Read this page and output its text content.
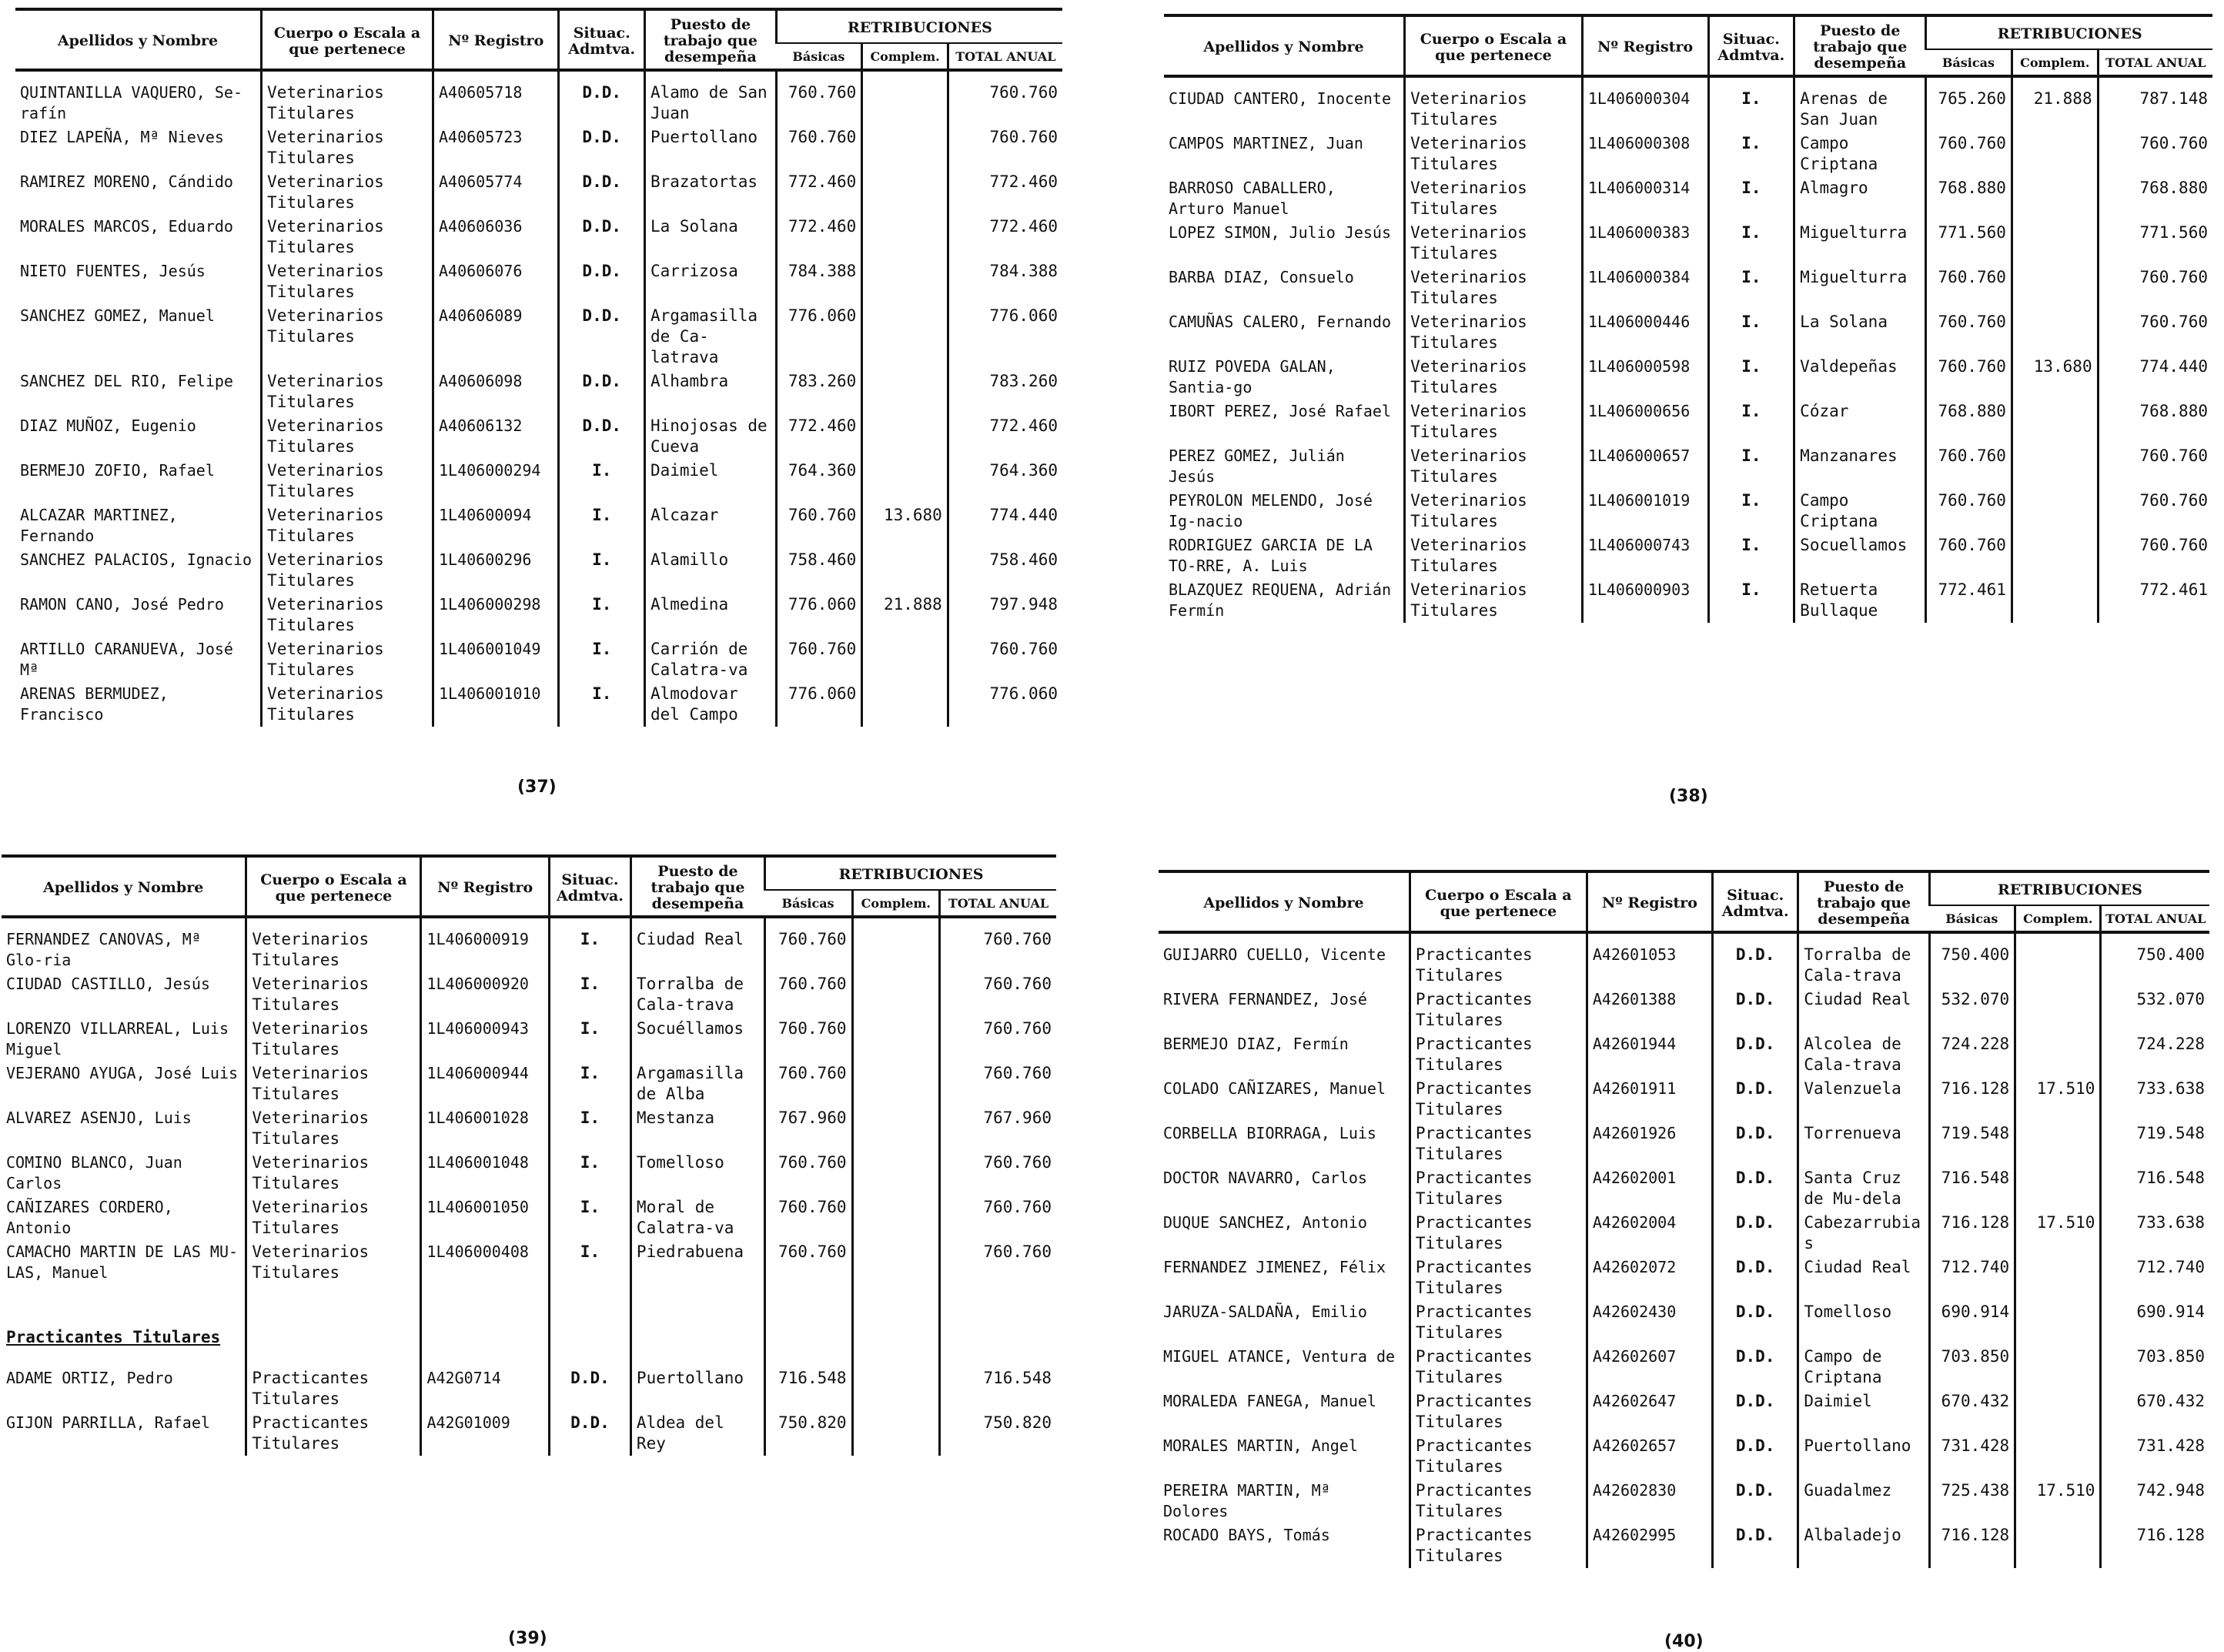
Apellidos y Nombre	Cuerpo o Escala a que pertenece	Nº Registro	Situac. Admtva.	Puesto de trabajo que desempeña	RETRIBUCIONES		
					Básicas	Complem.	TOTAL ANUAL

QUINTANILLA VAQUERO, Se-rafín	Veterinarios Titulares	A40605718	D.D.	Alamo de San Juan	760.760		760.760
DIEZ LAPEÑA, Mª Nieves	Veterinarios Titulares	A40605723	D.D.	Puertollano	760.760		760.760
RAMIREZ MORENO, Cándido	Veterinarios Titulares	A40605774	D.D.	Brazatortas	772.460		772.460
MORALES MARCOS, Eduardo	Veterinarios Titulares	A40606036	D.D.	La Solana	772.460		772.460
NIETO FUENTES, Jesús	Veterinarios Titulares	A40606076	D.D.	Carrizosa	784.388		784.388
SANCHEZ GOMEZ, Manuel	Veterinarios Titulares	A40606089	D.D.	Argamasilla de Ca-latrava	776.060		776.060
SANCHEZ DEL RIO, Felipe	Veterinarios Titulares	A40606098	D.D.	Alhambra	783.260		783.260
DIAZ MUÑOZ, Eugenio	Veterinarios Titulares	A40606132	D.D.	Hinojosas de Cueva	772.460		772.460
BERMEJO ZOFIO, Rafael	Veterinarios Titulares	1L406000294	I.	Daimiel	764.360		764.360
ALCAZAR MARTINEZ, Fernando	Veterinarios Titulares	1L40600094	I.	Alcazar	760.760	13.680	774.440
SANCHEZ PALACIOS, Ignacio	Veterinarios Titulares	1L40600296	I.	Alamillo	758.460		758.460
RAMON CANO, José Pedro	Veterinarios Titulares	1L406000298	I.	Almedina	776.060	21.888	797.948
ARTILLO CARANUEVA, José Mª	Veterinarios Titulares	1L406001049	I.	Carrión de Calatra-va	760.760		760.760
ARENAS BERMUDEZ, Francisco	Veterinarios Titulares	1L406001010	I.	Almodovar del Campo	776.060		776.060
(37)
Apellidos y Nombre	Cuerpo o Escala a que pertenece	Nº Registro	Situac. Admtva.	Puesto de trabajo que desempeña	RETRIBUCIONES		
					Básicas	Complem.	TOTAL ANUAL

CIUDAD CANTERO, Inocente	Veterinarios Titulares	1L406000304	I.	Arenas de San Juan	765.260	21.888	787.148
CAMPOS MARTINEZ, Juan	Veterinarios Titulares	1L406000308	I.	Campo Criptana	760.760		760.760
BARROSO CABALLERO, Arturo Manuel	Veterinarios Titulares	1L406000314	I.	Almagro	768.880		768.880
LOPEZ SIMON, Julio Jesús	Veterinarios Titulares	1L406000383	I.	Miguelturra	771.560		771.560
BARBA DIAZ, Consuelo	Veterinarios Titulares	1L406000384	I.	Miguelturra	760.760		760.760
CAMUÑAS CALERO, Fernando	Veterinarios Titulares	1L406000446	I.	La Solana	760.760		760.760
RUIZ POVEDA GALAN, Santia-go	Veterinarios Titulares	1L406000598	I.	Valdepeñas	760.760	13.680	774.440
IBORT PEREZ, José Rafael	Veterinarios Titulares	1L406000656	I.	Cózar	768.880		768.880
PEREZ GOMEZ, Julián Jesús	Veterinarios Titulares	1L406000657	I.	Manzanares	760.760		760.760
PEYROLON MELENDO, José Ig-nacio	Veterinarios Titulares	1L406001019	I.	Campo Criptana	760.760		760.760
RODRIGUEZ GARCIA DE LA TO-RRE, A. Luis	Veterinarios Titulares	1L406000743	I.	Socuellamos	760.760		760.760
BLAZQUEZ REQUENA, Adrián Fermín	Veterinarios Titulares	1L406000903	I.	Retuerta Bullaque	772.461		772.461
(38)
Apellidos y Nombre	Cuerpo o Escala a que pertenece	Nº Registro	Situac. Admtva.	Puesto de trabajo que desempeña	RETRIBUCIONES		
					Básicas	Complem.	TOTAL ANUAL

FERNANDEZ CANOVAS, Mª Glo-ria	Veterinarios Titulares	1L406000919	I.	Ciudad Real	760.760		760.760
CIUDAD CASTILLO, Jesús	Veterinarios Titulares	1L406000920	I.	Torralba de Cala-trava	760.760		760.760
LORENZO VILLARREAL, Luis Miguel	Veterinarios Titulares	1L406000943	I.	Socuéllamos	760.760		760.760
VEJERANO AYUGA, José Luis	Veterinarios Titulares	1L406000944	I.	Argamasilla de Alba	760.760		760.760
ALVAREZ ASENJO, Luis	Veterinarios Titulares	1L406001028	I.	Mestanza	767.960		767.960
COMINO BLANCO, Juan Carlos	Veterinarios Titulares	1L406001048	I.	Tomelloso	760.760		760.760
CAÑIZARES CORDERO, Antonio	Veterinarios Titulares	1L406001050	I.	Moral de Calatra-va	760.760		760.760
CAMACHO MARTIN DE LAS MU-LAS, Manuel	Veterinarios Titulares	1L406000408	I.	Piedrabuena	760.760		760.760

Practicantes Titulares							
ADAME ORTIZ, Pedro	Practicantes Titulares	A42G0714	D.D.	Puertollano	716.548		716.548
GIJON PARRILLA, Rafael	Practicantes Titulares	A42G01009	D.D.	Aldea del Rey	750.820		750.820
(39)
Apellidos y Nombre	Cuerpo o Escala a que pertenece	Nº Registro	Situac. Admtva.	Puesto de trabajo que desempeña	RETRIBUCIONES		
					Básicas	Complem.	TOTAL ANUAL

GUIJARRO CUELLO, Vicente	Practicantes Titulares	A42601053	D.D.	Torralba de Cala-trava	750.400		750.400
RIVERA FERNANDEZ, José	Practicantes Titulares	A42601388	D.D.	Ciudad Real	532.070		532.070
BERMEJO DIAZ, Fermín	Practicantes Titulares	A42601944	D.D.	Alcolea de Cala-trava	724.228		724.228
COLADO CAÑIZARES, Manuel	Practicantes Titulares	A42601911	D.D.	Valenzuela	716.128	17.510	733.638
CORBELLA BIORRAGA, Luis	Practicantes Titulares	A42601926	D.D.	Torrenueva	719.548		719.548
DOCTOR NAVARRO, Carlos	Practicantes Titulares	A42602001	D.D.	Santa Cruz de Mu-dela	716.548		716.548
DUQUE SANCHEZ, Antonio	Practicantes Titulares	A42602004	D.D.	Cabezarrubias	716.128	17.510	733.638
FERNANDEZ JIMENEZ, Félix	Practicantes Titulares	A42602072	D.D.	Ciudad Real	712.740		712.740
JARUZA-SALDAÑA, Emilio	Practicantes Titulares	A42602430	D.D.	Tomelloso	690.914		690.914
MIGUEL ATANCE, Ventura de	Practicantes Titulares	A42602607	D.D.	Campo de Criptana	703.850		703.850
MORALEDA FANEGA, Manuel	Practicantes Titulares	A42602647	D.D.	Daimiel	670.432		670.432
MORALES MARTIN, Angel	Practicantes Titulares	A42602657	D.D.	Puertollano	731.428		731.428
PEREIRA MARTIN, Mª Dolores	Practicantes Titulares	A42602830	D.D.	Guadalmez	725.438	17.510	742.948
ROCADO BAYS, Tomás	Practicantes Titulares	A42602995	D.D.	Albaladejo	716.128		716.128
(40)
